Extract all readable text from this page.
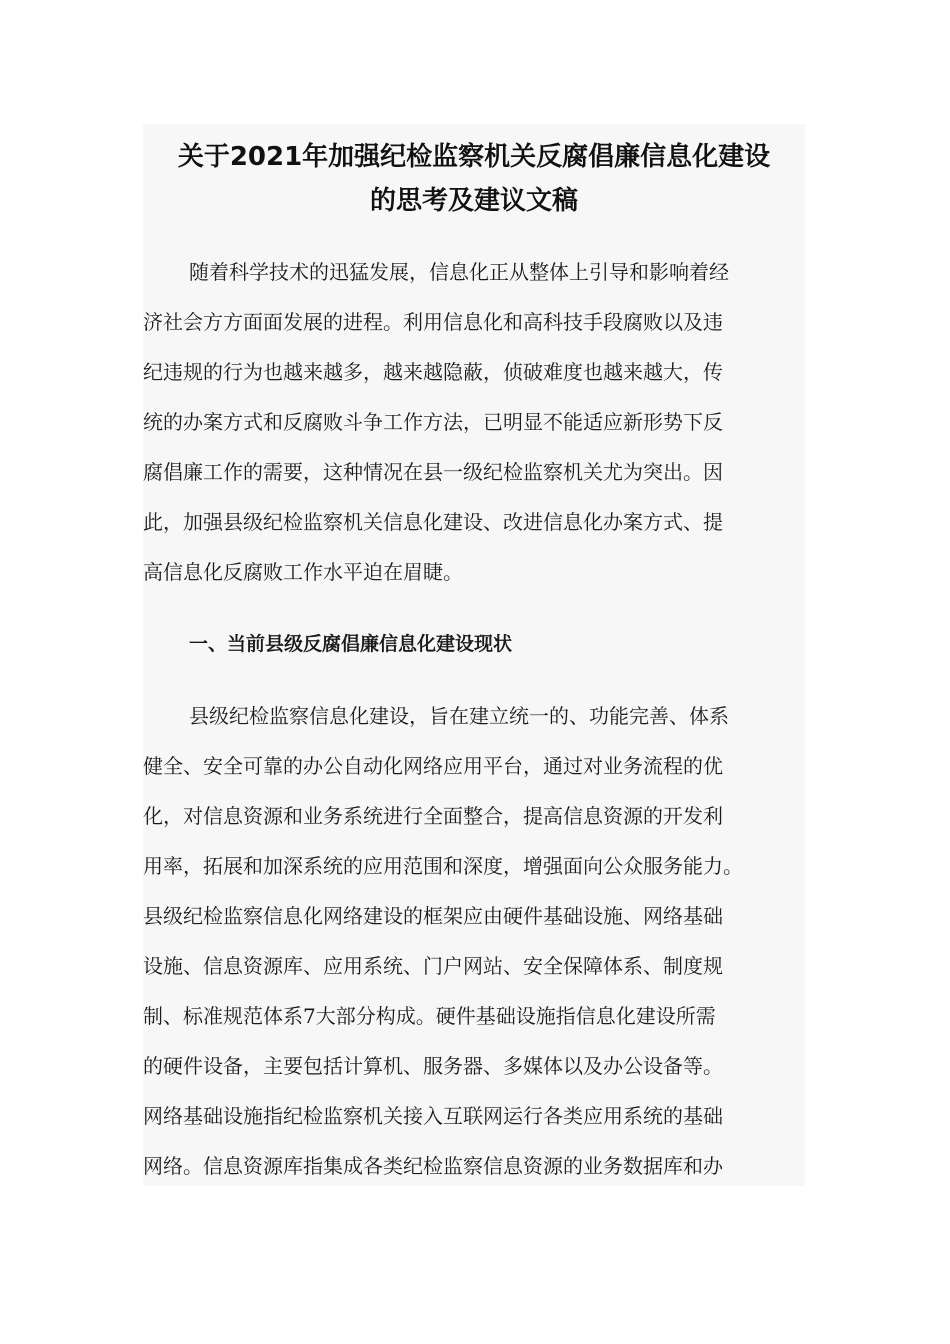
关于2021年加强纪检监察机关反腐倡廉信息化建设
的思考及建议文稿

随着科学技术的迅猛发展，信息化正从整体上引导和影响着经

济社会方方面面发展的进程。利用信息化和高科技手段腐败以及违

纪违规的行为也越来越多，越来越隐蔽，侦破难度也越来越大，传

统的办案方式和反腐败斗争工作方法，已明显不能适应新形势下反

腐倡廉工作的需要，这种情况在县一级纪检监察机关尤为突出。因

此，加强县级纪检监察机关信息化建设、改进信息化办案方式、提

高信息化反腐败工作水平迫在眉睫。

一、当前县级反腐倡廉信息化建设现状

县级纪检监察信息化建设，旨在建立统一的、功能完善、体系

健全、安全可靠的办公自动化网络应用平台，通过对业务流程的优

化，对信息资源和业务系统进行全面整合，提高信息资源的开发利

用率，拓展和加深系统的应用范围和深度，增强面向公众服务能力。

县级纪检监察信息化网络建设的框架应由硬件基础设施、网络基础

设施、信息资源库、应用系统、门户网站、安全保障体系、制度规

制、标准规范体系7大部分构成。硬件基础设施指信息化建设所需

的硬件设备，主要包括计算机、服务器、多媒体以及办公设备等。

网络基础设施指纪检监察机关接入互联网运行各类应用系统的基础

网络。信息资源库指集成各类纪检监察信息资源的业务数据库和办
